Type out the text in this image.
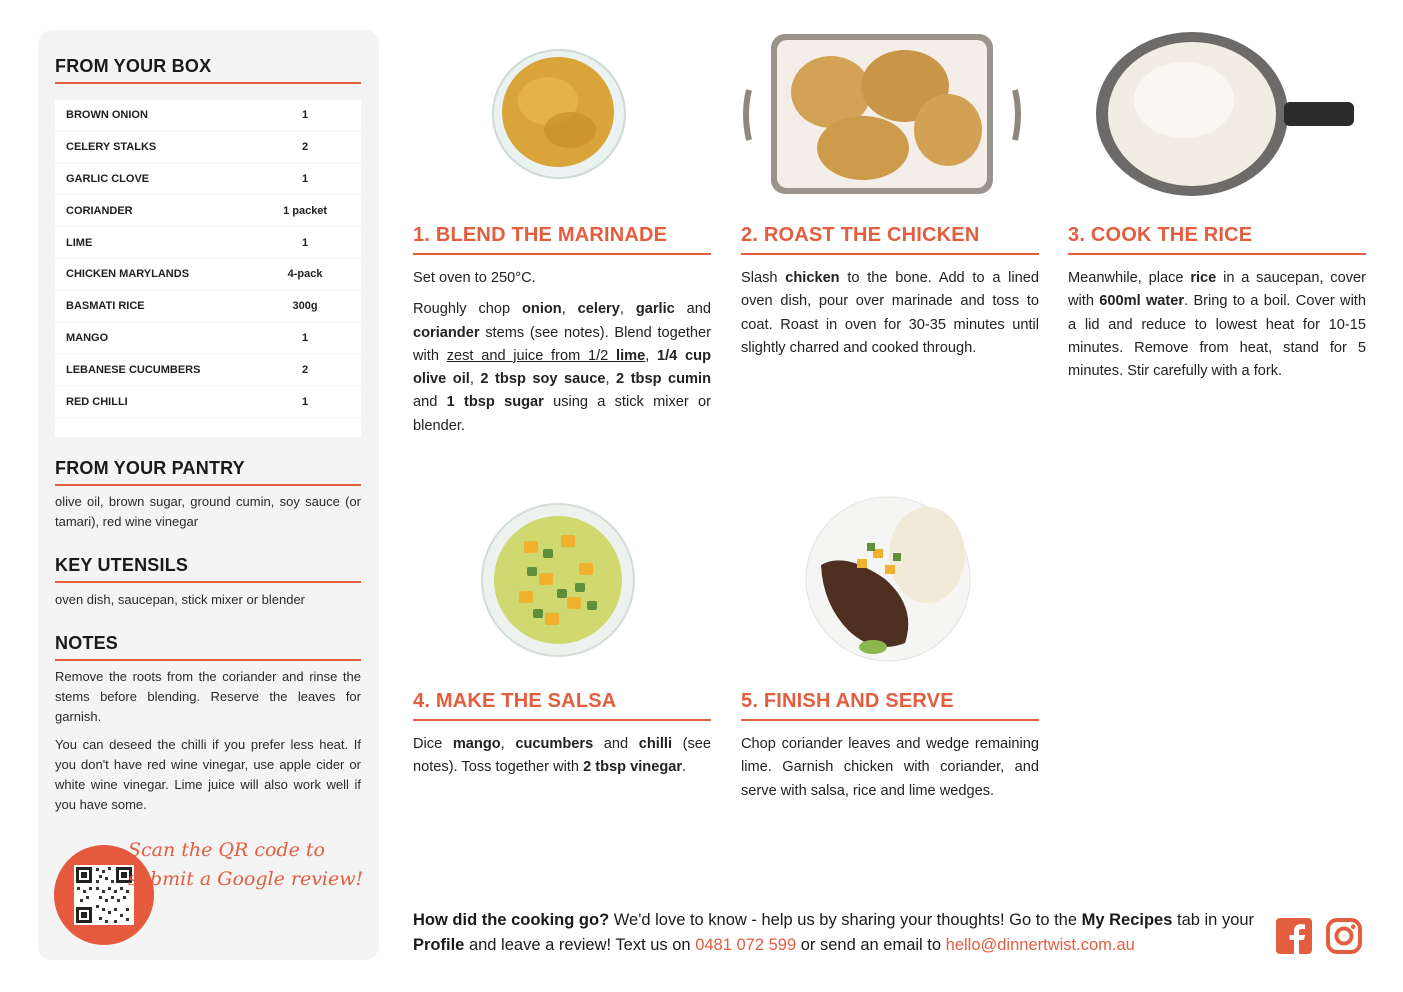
FROM YOUR BOX
BROWN ONION	1
CELERY STALKS	2
GARLIC CLOVE	1
CORIANDER	1 packet
LIME	1
CHICKEN MARYLANDS	4-pack
BASMATI RICE	300g
MANGO	1
LEBANESE CUCUMBERS	2
RED CHILLI	1
FROM YOUR PANTRY
olive oil, brown sugar, ground cumin, soy sauce (or tamari), red wine vinegar
KEY UTENSILS
oven dish, saucepan, stick mixer or blender
NOTES

Remove the roots from the coriander and rinse the stems before blending. Reserve the leaves for garnish.

You can deseed the chilli if you prefer less heat. If you don't have red wine vinegar, use apple cider or white wine vinegar. Lime juice will also work well if you have some.

Scan the QR code to
submit a Google review!
1. BLEND THE MARINADE

Set oven to 250°C.

Roughly chop onion, celery, garlic and coriander stems (see notes). Blend together with zest and juice from 1/2 lime, 1/4 cup olive oil, 2 tbsp soy sauce, 2 tbsp cumin and 1 tbsp sugar using a stick mixer or blender.

2. ROAST THE CHICKEN

Slash chicken to the bone. Add to a lined oven dish, pour over marinade and toss to coat. Roast in oven for 30-35 minutes until slightly charred and cooked through.

3. COOK THE RICE

Meanwhile, place rice in a saucepan, cover with 600ml water. Bring to a boil. Cover with a lid and reduce to lowest heat for 10-15 minutes. Remove from heat, stand for 5 minutes. Stir carefully with a fork.

4. MAKE THE SALSA

Dice mango, cucumbers and chilli (see notes). Toss together with 2 tbsp vinegar.

5. FINISH AND SERVE

Chop coriander leaves and wedge remaining lime. Garnish chicken with coriander, and serve with salsa, rice and lime wedges.

How did the cooking go? We'd love to know - help us by sharing your thoughts! Go to the My Recipes tab in your Profile and leave a review! Text us on 0481 072 599 or send an email to hello@dinnertwist.com.au
